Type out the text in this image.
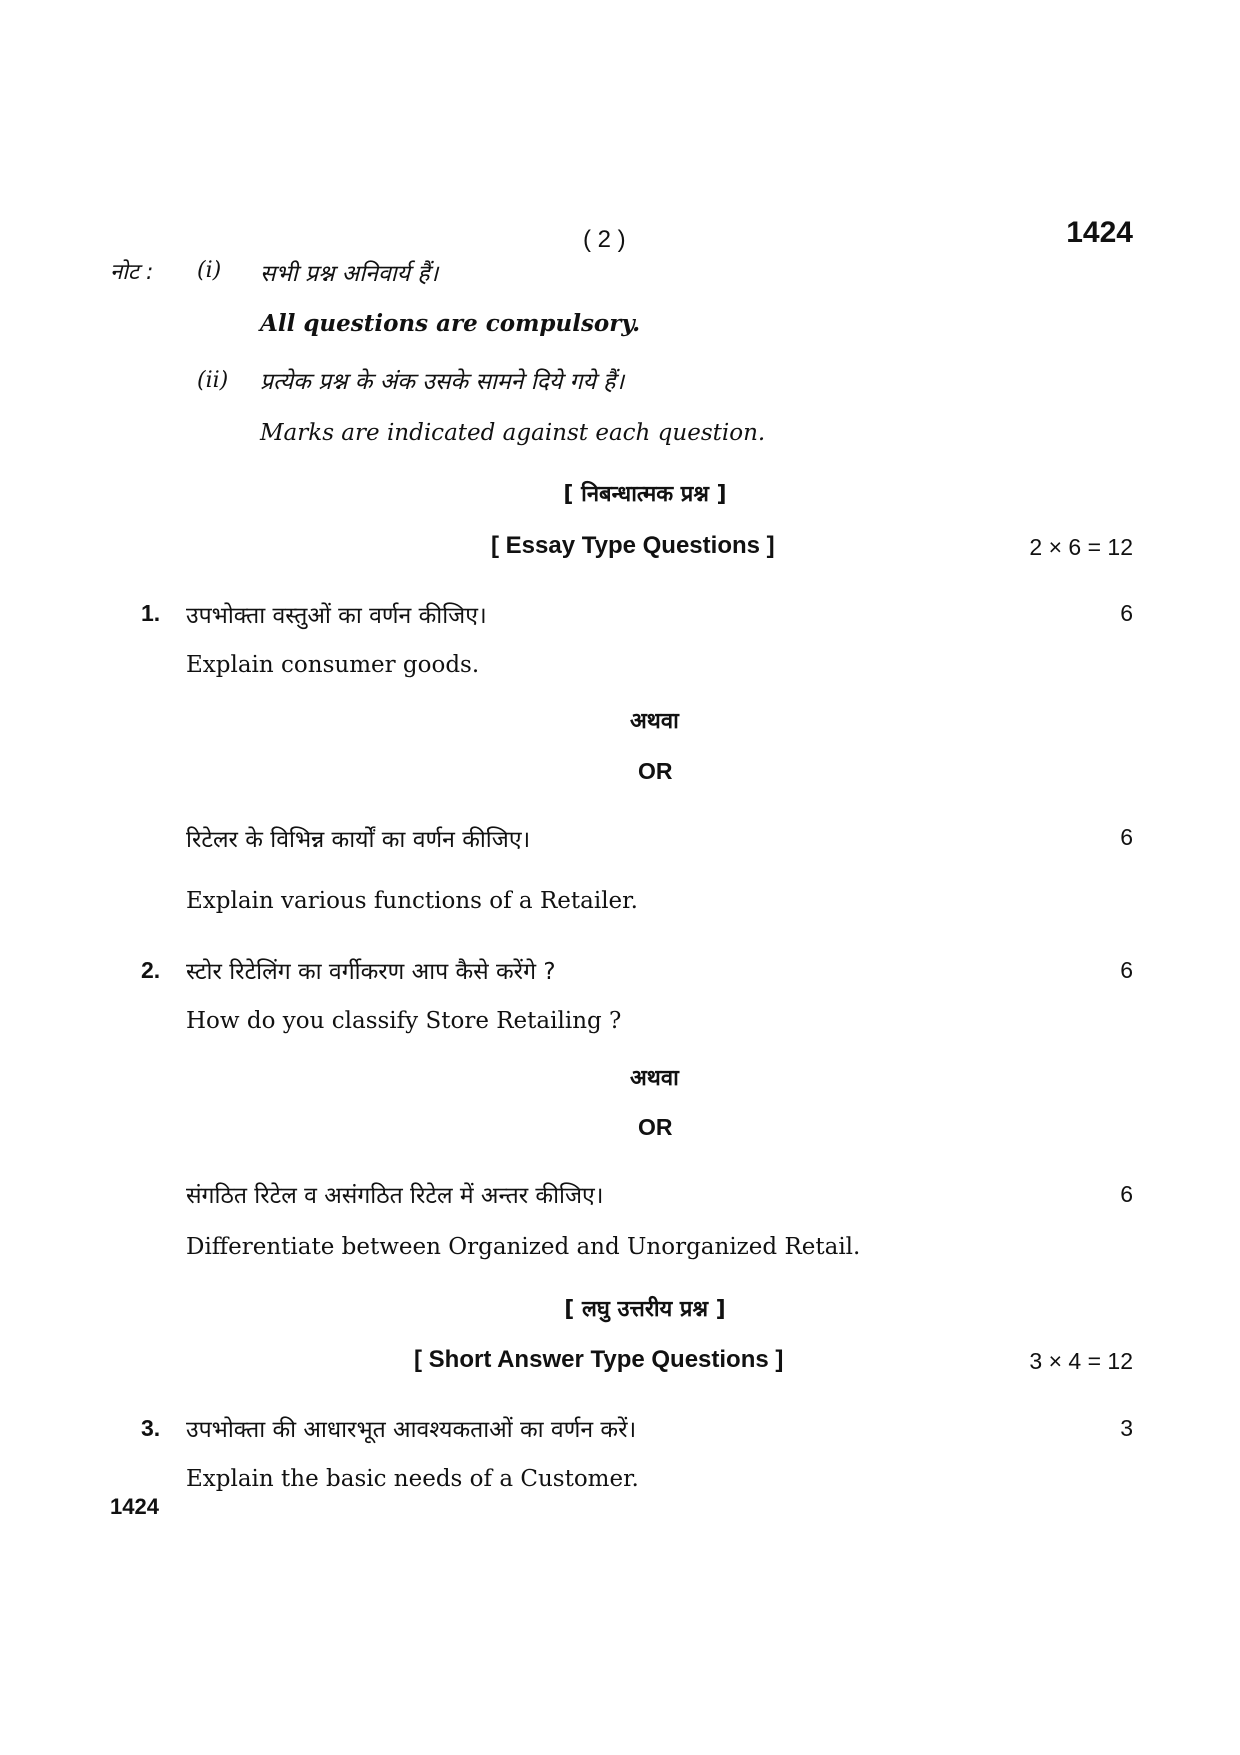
( 2 )	1424
नोट : (i) सभी प्रश्न अनिवार्य हैं।
All questions are compulsory.
(ii) प्रत्येक प्रश्न के अंक उसके सामने दिये गये हैं।
Marks are indicated against each question.
[ निबन्धात्मक प्रश्न ]
[ Essay Type Questions ]	2 × 6 = 12
1. उपभोक्ता वस्तुओं का वर्णन कीजिए।	6
Explain consumer goods.
अथवा
OR
रिटेलर के विभिन्न कार्यों का वर्णन कीजिए।	6
Explain various functions of a Retailer.
2. स्टोर रिटेलिंग का वर्गीकरण आप कैसे करेंगे ?	6
How do you classify Store Retailing ?
अथवा
OR
संगठित रिटेल व असंगठित रिटेल में अन्तर कीजिए।	6
Differentiate between Organized and Unorganized Retail.
[ लघु उत्तरीय प्रश्न ]
[ Short Answer Type Questions ]	3 × 4 = 12
3. उपभोक्ता की आधारभूत आवश्यकताओं का वर्णन करें।	3
Explain the basic needs of a Customer.
1424
